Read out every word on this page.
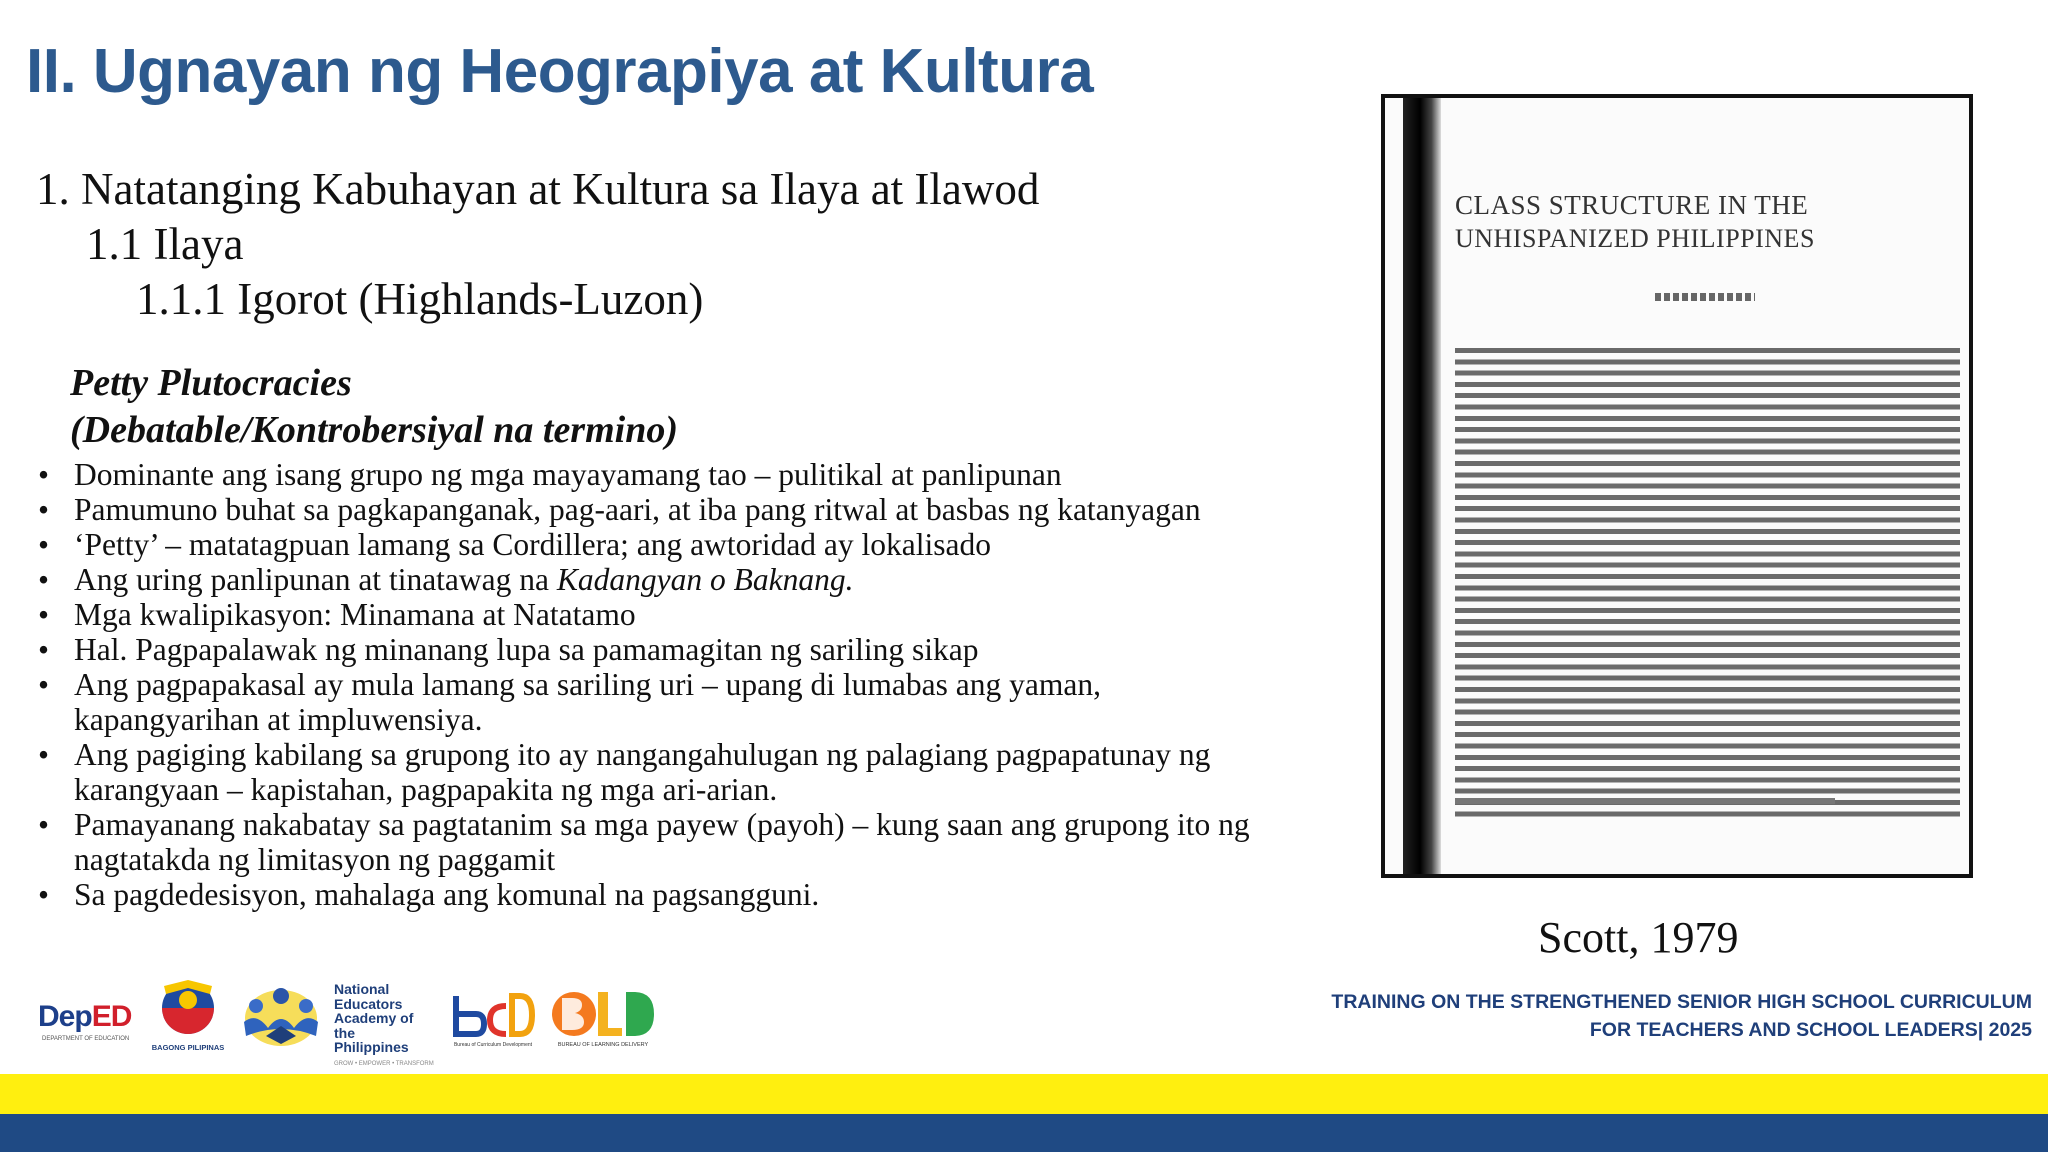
II. Ugnayan ng Heograpiya at Kultura
1. Natatanging Kabuhayan at Kultura sa Ilaya at Ilawod
1.1 Ilaya
1.1.1 Igorot (Highlands-Luzon)
Petty Plutocracies
(Debatable/Kontrobersiyal na termino)
• Dominante ang isang grupo ng mga mayayamang tao – pulitikal at panlipunan
• Pamumuno buhat sa pagkapanganak, pag-aari, at iba pang ritwal at basbas ng katanyagan
• ‘Petty’ – matatagpuan lamang sa Cordillera; ang awtoridad ay lokalisado
• Ang uring panlipunan at tinatawag na Kadangyan o Baknang.
• Mga kwalipikasyon: Minamana at Natatamo
• Hal. Pagpapalawak ng minanang lupa sa pamamagitan ng sariling sikap
• Ang pagpapakasal ay mula lamang sa sariling uri – upang di lumabas ang yaman, kapangyarihan at impluwensiya.
• Ang pagiging kabilang sa grupong ito ay nangangahulugan ng palagiang pagpapatunay ng karangyaan – kapistahan, pagpapakita ng mga ari-arian.
• Pamayanang nakabatay sa pagtatanim sa mga payew (payoh) – kung saan ang grupong ito ng nagtatakda ng limitasyon ng paggamit
• Sa pagdedesisyon, mahalaga ang komunal na pagsangguni.
CLASS STRUCTURE IN THE
UNHISPANIZED PHILIPPINES
Scott, 1979
TRAINING ON THE STRENGTHENED SENIOR HIGH SCHOOL CURRICULUM
FOR TEACHERS AND SCHOOL LEADERS| 2025
DepED
DEPARTMENT OF EDUCATION
BAGONG PILIPINAS
National
Educators
Academy of the
Philippines
GROW • EMPOWER • TRANSFORM
Bureau of Curriculum Development	BUREAU OF LEARNING DELIVERY
